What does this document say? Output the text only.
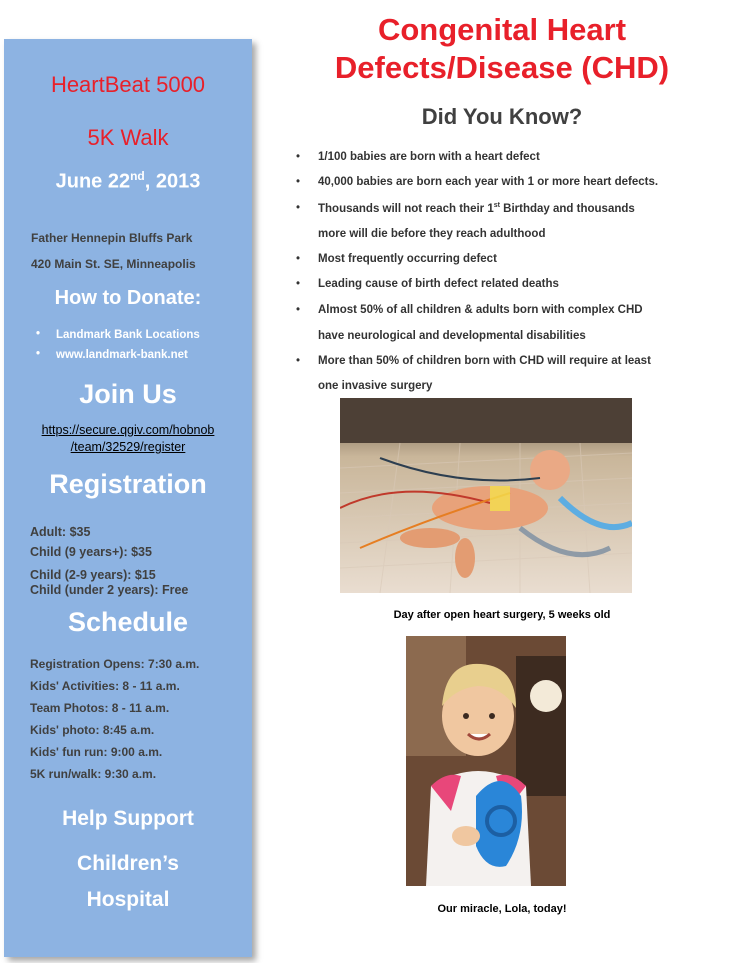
HeartBeat 5000
5K Walk
June 22nd, 2013
Father Hennepin Bluffs Park
420 Main St. SE, Minneapolis
How to Donate:
• Landmark Bank Locations
• www.landmark-bank.net
Join Us
https://secure.qgiv.com/hobnob
/team/32529/register
Registration
Adult: $35
Child (9 years+): $35
Child (2-9 years): $15
Child (under 2 years): Free
Schedule
Registration Opens: 7:30 a.m.
Kids' Activities: 8 - 11 a.m.
Team Photos: 8 - 11 a.m.
Kids' photo: 8:45 a.m.
Kids' fun run: 9:00 a.m.
5K run/walk: 9:30 a.m.
Help Support
Children’s
Hospital
Congenital Heart
Defects/Disease (CHD)
Did You Know?
• 1/100 babies are born with a heart defect
• 40,000 babies are born each year with 1 or more heart defects.
• Thousands will not reach their 1st Birthday and thousands
more will die before they reach adulthood
• Most frequently occurring defect
• Leading cause of birth defect related deaths
• Almost 50% of all children & adults born with complex CHD
have neurological and developmental disabilities
• More than 50% of children born with CHD will require at least
one invasive surgery
Day after open heart surgery, 5 weeks old
Our miracle, Lola, today!
